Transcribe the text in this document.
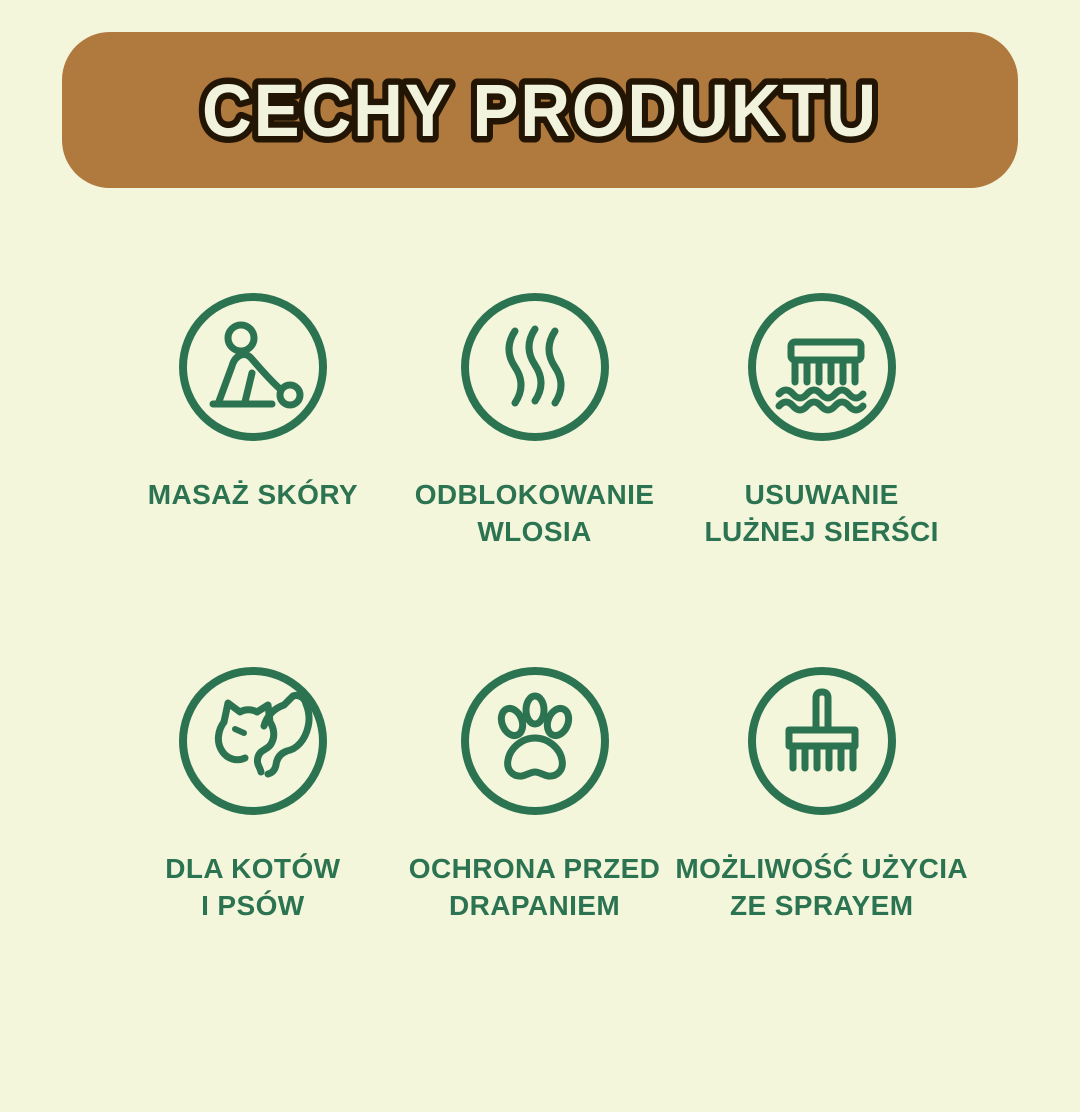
CECHY PRODUKTU
MASAŻ SKÓRY ODBLOKOWANIE
WLOSIA
USUWANIE
LUŻNEJ SIERŚCI
DLA KOTÓW
I PSÓW
OCHRONA PRZED
DRAPANIEM
MOŻLIWOŚĆ UŻYCIA
ZE SPRAYEM
